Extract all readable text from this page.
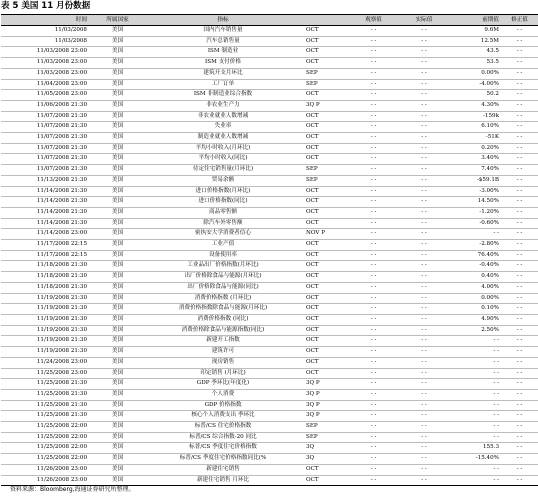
表 5 美国 11 月份数据
时间	所属国家	指标		观察值	实际值	前期值	修正值
11/03/2008	美国	国内汽车销售量	OCT	- -	- -	9.6M	- -
11/03/2008	美国	汽车总销售量	OCT	- -	- -	12.5M	- -
11/03/2008 23:00	美国	ISM 制造业	OCT	- -	- -	43.5	- -
11/03/2008 23:00	美国	ISM 支付价格	OCT	- -	- -	53.5	- -
11/03/2008 23:00	美国	建筑开支月环比	SEP	- -	- -	0.00%	- -
11/04/2008 23:00	美国	工厂订单	SEP	- -	- -	-4.00%	- -
11/05/2008 23:00	美国	ISM 非制造业综合指数	OCT	- -	- -	50.2	- -
11/06/2008 21:30	美国	非农业生产力	3Q P	- -	- -	4.30%	- -
11/07/2008 21:30	美国	非农业就业人数增减	OCT	- -	- -	-159k	- -
11/07/2008 21:30	美国	失业率	OCT	- -	- -	6.10%	- -
11/07/2008 21:30	美国	制造业就业人数增减	OCT	- -	- -	-51K	- -
11/07/2008 21:30	美国	平均小时收入(月环比)	OCT	- -	- -	0.20%	- -
11/07/2008 21:30	美国	平均小时收入(同比)	OCT	- -	- -	3.40%	- -
11/07/2008 21:30	美国	待定住宅销售量(月环比)	SEP	- -	- -	7.40%	- -
11/13/2008 21:30	美国	贸易余额	SEP	- -	- -	-$59.1B	- -
11/14/2008 21:30	美国	进口价格指数(月环比)	OCT	- -	- -	-3.00%	- -
11/14/2008 21:30	美国	进口价格指数(同比)	OCT	- -	- -	14.50%	- -
11/14/2008 21:30	美国	商品零售额	OCT	- -	- -	-1.20%	- -
11/14/2008 21:30	美国	除汽车外零售额	OCT	- -	- -	-0.60%	- -
11/14/2008 23:00	美国	密执安大学消费者信心	NOV P	- -	- -	- -	- -
11/17/2008 22:15	美国	工业产值	OCT	- -	- -	-2.80%	- -
11/17/2008 22:15	美国	设备使用率	OCT	- -	- -	76.40%	- -
11/18/2008 21:30	美国	工业品出厂价格指数(月环比)	OCT	- -	- -	-0.40%	- -
11/18/2008 21:30	美国	出厂价格除食品与能源(月环比)	OCT	- -	- -	0.40%	- -
11/18/2008 21:30	美国	出厂价格除食品与能源(同比)	OCT	- -	- -	4.00%	- -
11/19/2008 21:30	美国	消费价格指数 (月环比)	OCT	- -	- -	0.00%	- -
11/19/2008 21:30	美国	消费价格指数除食品与能源(月环比)	OCT	- -	- -	0.10%	- -
11/19/2008 21:30	美国	消费价格指数 (同比)	OCT	- -	- -	4.90%	- -
11/19/2008 21:30	美国	消费价格除食品与能源指数(同比)	OCT	- -	- -	2.50%	- -
11/19/2008 21:30	美国	新建开工指数	OCT	- -	- -	- -	- -
11/19/2008 21:30	美国	建筑许可	OCT	- -	- -	- -	- -
11/24/2008 23:00	美国	现房销售	OCT	- -	- -	- -	- -
11/25/2008 23:00	美国	印定销售 (月环比)	OCT	- -	- -	- -	- -
11/25/2008 21:30	美国	GDP 季环比(年度化)	3Q P	- -	- -	- -	- -
11/25/2008 21:30	美国	个人消费	3Q P	- -	- -	- -	- -
11/25/2008 21:30	美国	GDP 价格指数	3Q P	- -	- -	- -	- -
11/25/2008 21:30	美国	核心个人消费支出 季环比	3Q P	- -	- -	- -	- -
11/25/2008 22:00	美国	标普/CS 住宅价格指数	SEP	- -	- -	- -	- -
11/25/2008 22:00	美国	标普/CS 综合指数-20 同比	SEP	- -	- -	- -	- -
11/25/2008 22:00	美国	标普/CS 季度住宅价格指数	3Q	- -	- -	155.3	- -
11/25/2008 22:00	美国	标普/CS 季度住宅价格指数同比(%	3Q	- -	- -	-15.40%	- -
11/26/2008 23:00	美国	新建住宅销售	OCT	- -	- -	- -	- -
11/26/2008 23:00	美国	新建住宅销售 月环比	OCT	- -	- -	- -	- -
资料来源：Bloomberg,海通证券研究所整理。
